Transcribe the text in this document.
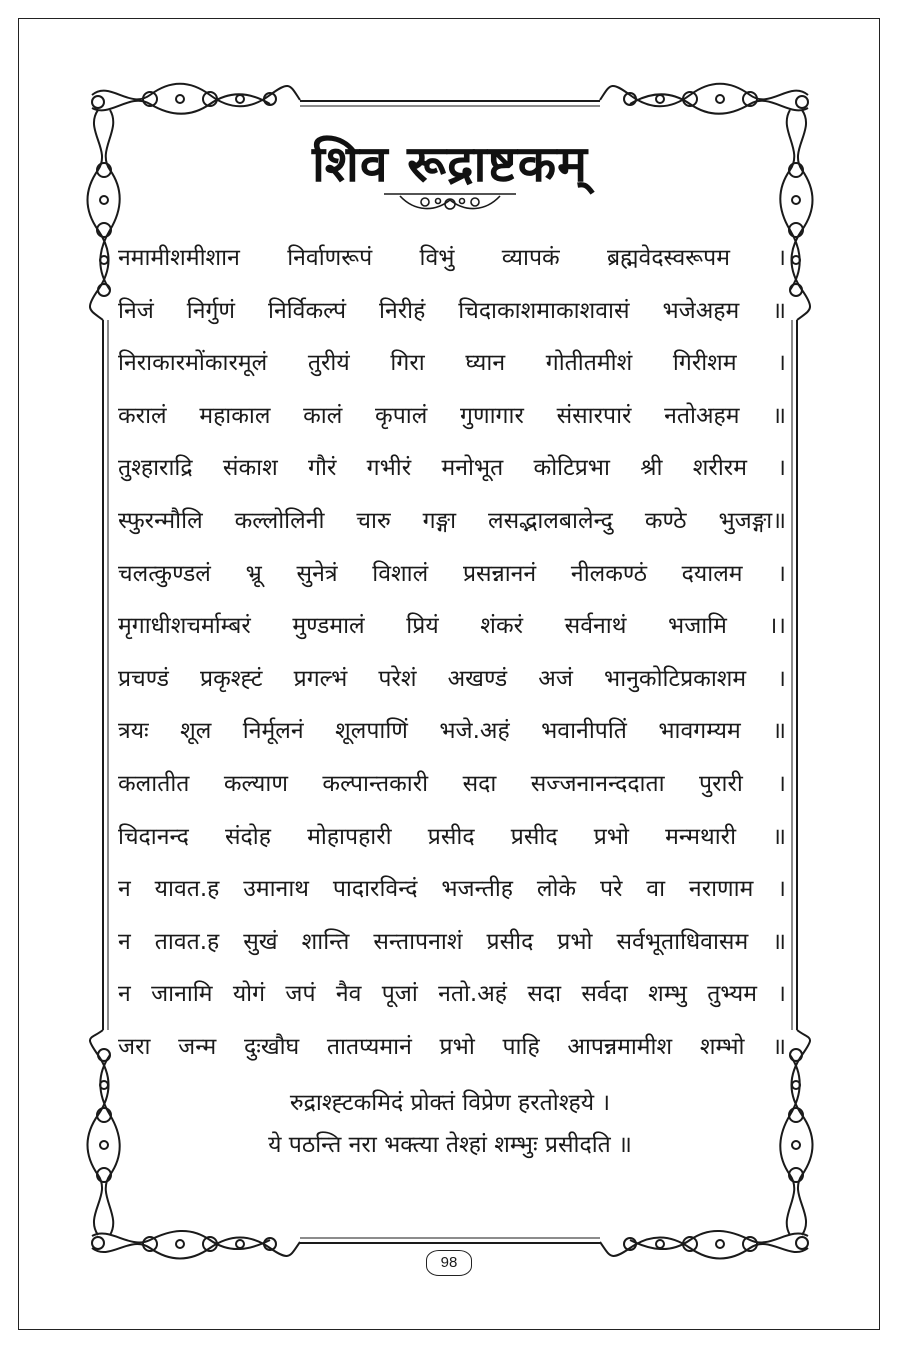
शिव रूद्राष्टकम्
नमामीशमीशान निर्वाणरूपं विभुं व्यापकं ब्रह्मवेदस्वरूपम ।
निजं निर्गुणं निर्विकल्पं निरीहं चिदाकाशमाकाशवासं भजेअहम ॥
निराकारमोंकारमूलं तुरीयं गिरा घ्यान गोतीतमीशं गिरीशम ।
करालं महाकाल कालं कृपालं गुणागार संसारपारं नतोअहम ॥
तुश्हाराद्रि संकाश गौरं गभीरं मनोभूत कोटिप्रभा श्री शरीरम ।
स्फुरन्मौलि कल्लोलिनी चारु गङ्गा लसद्भालबालेन्दु कण्ठे भुजङ्गा॥
चलत्कुण्डलं भ्रू सुनेत्रं विशालं प्रसन्नाननं नीलकण्ठं दयालम ।
मृगाधीशचर्माम्बरं मुण्डमालं प्रियं शंकरं सर्वनाथं भजामि ।।
प्रचण्डं प्रकृश्ह्टं प्रगल्भं परेशं अखण्डं अजं भानुकोटिप्रकाशम ।
त्रयः शूल निर्मूलनं शूलपाणिं भजे.अहं भवानीपतिं भावगम्यम ॥
कलातीत कल्याण कल्पान्तकारी सदा सज्जनानन्ददाता पुरारी ।
चिदानन्द संदोह मोहापहारी प्रसीद प्रसीद प्रभो मन्मथारी ॥
न यावत.ह उमानाथ पादारविन्दं भजन्तीह लोके परे वा नराणाम ।
न तावत.ह सुखं शान्ति सन्तापनाशं प्रसीद प्रभो सर्वभूताधिवासम ॥
न जानामि योगं जपं नैव पूजां नतो.अहं सदा सर्वदा शम्भु तुभ्यम ।
जरा जन्म दुःखौघ तातप्यमानं प्रभो पाहि आपन्नमामीश शम्भो ॥
रुद्राश्ह्टकमिदं प्रोक्तं विप्रेण हरतोश्हये ।
ये पठन्ति नरा भक्त्या तेश्हां शम्भुः प्रसीदति ॥
98
